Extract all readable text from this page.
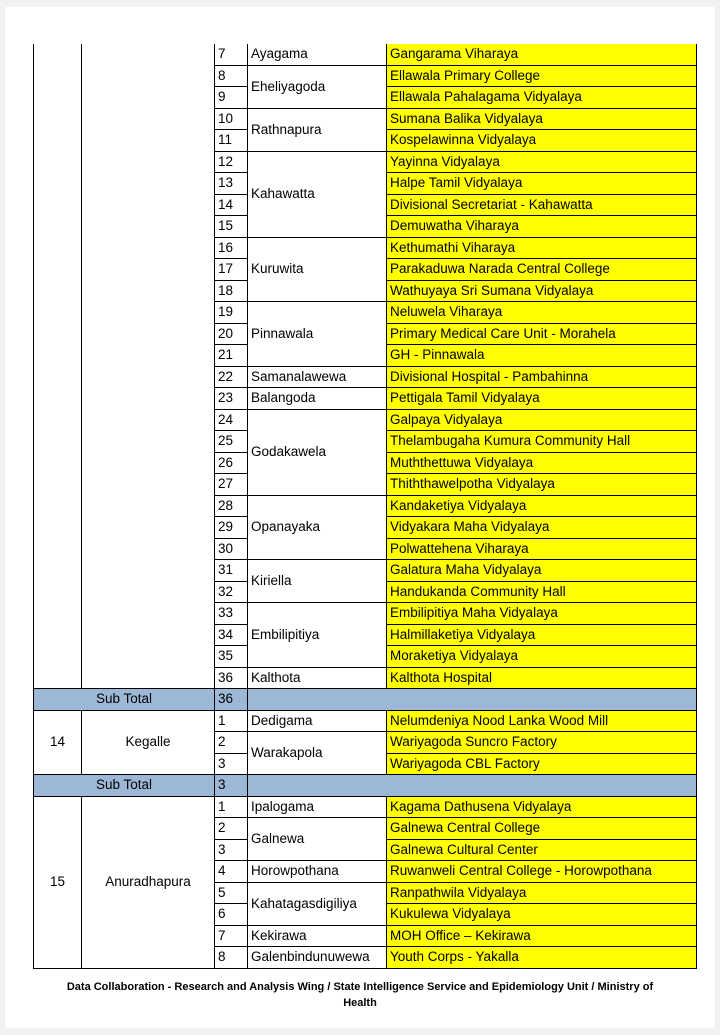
		7	Ayagama	Gangarama Viharaya
		8	Eheliyagoda	Ellawala Primary College
		9		Ellawala Pahalagama Vidyalaya
		10	Rathnapura	Sumana Balika Vidyalaya
		11		Kospelawinna Vidyalaya
		12	Kahawatta	Yayinna Vidyalaya
		13		Halpe Tamil Vidyalaya
		14		Divisional Secretariat - Kahawatta
		15		Demuwatha Viharaya
		16	Kuruwita	Kethumathi Viharaya
		17		Parakaduwa Narada Central College
		18		Wathuyaya Sri Sumana Vidyalaya
		19	Pinnawala	Neluwela Viharaya
		20		Primary Medical Care Unit - Morahela
		21		GH - Pinnawala
		22	Samanalawewa	Divisional Hospital - Pambahinna
		23	Balangoda	Pettigala Tamil Vidyalaya
		24	Godakawela	Galpaya Vidyalaya
		25		Thelambugaha Kumura Community Hall
		26		Muththettuwa Vidyalaya
		27		Thiththawelpotha Vidyalaya
		28	Opanayaka	Kandaketiya Vidyalaya
		29		Vidyakara Maha Vidyalaya
		30		Polwattehena Viharaya
		31	Kiriella	Galatura Maha Vidyalaya
		32		Handukanda Community Hall
		33	Embilipitiya	Embilipitiya Maha Vidyalaya
		34		Halmillaketiya Vidyalaya
		35		Moraketiya Vidyalaya
		36	Kalthota	Kalthota Hospital
Sub Total		36		
14	Kegalle	1	Dedigama	Nelumdeniya Nood Lanka Wood Mill
		2	Warakapola	Wariyagoda Suncro Factory
		3		Wariyagoda CBL Factory
Sub Total		3		
15	Anuradhapura	1	Ipalogama	Kagama Dathusena Vidyalaya
		2	Galnewa	Galnewa Central College
		3		Galnewa Cultural Center
		4	Horowpothana	Ruwanweli Central College - Horowpothana
		5	Kahatagasdigiliya	Ranpathwila Vidyalaya
		6		Kukulewa Vidyalaya
		7	Kekirawa	MOH Office – Kekirawa
		8	Galenbindunuwewa	Youth Corps - Yakalla
Data Collaboration - Research and Analysis Wing / State Intelligence Service and Epidemiology Unit / Ministry of
Health
